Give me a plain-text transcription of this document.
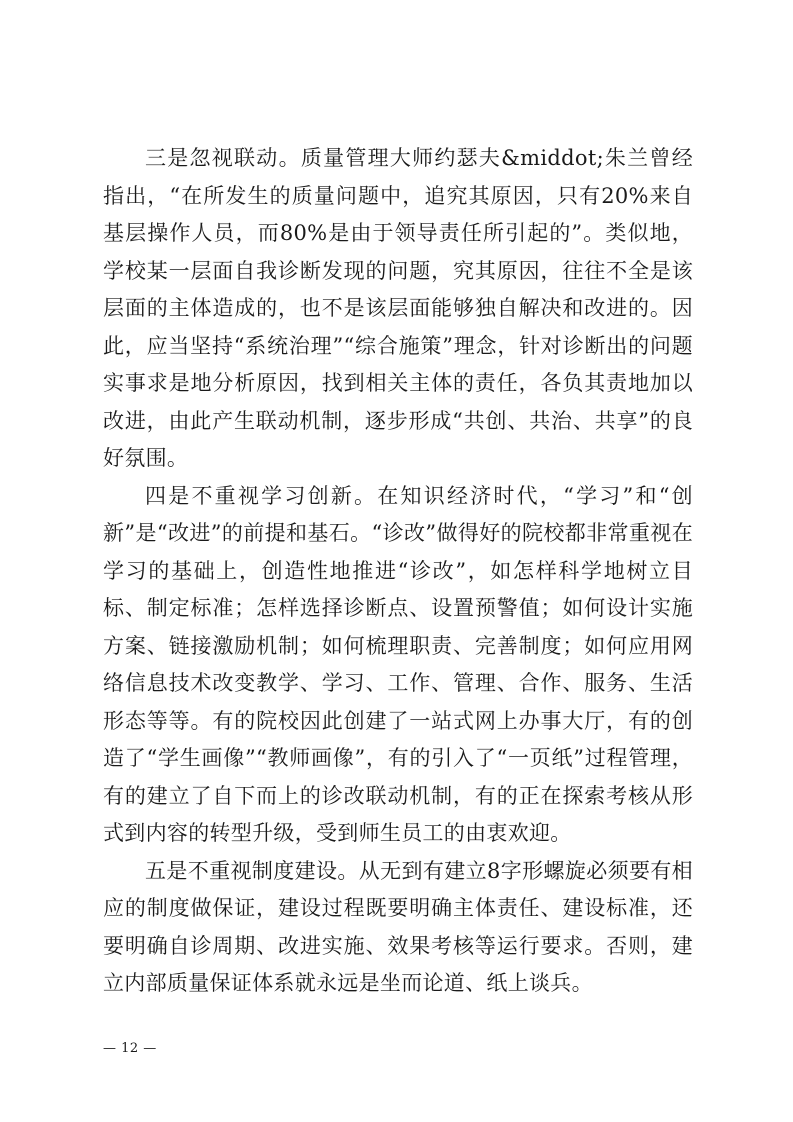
三是忽视联动。质量管理大师约瑟夫&middot;朱兰曾经指出，“在所发生的质量问题中，追究其原因，只有20%来自基层操作人员，而80%是由于领导责任所引起的”。类似地，学校某一层面自我诊断发现的问题，究其原因，往往不全是该层面的主体造成的，也不是该层面能够独自解决和改进的。因此，应当坚持“系统治理”“综合施策”理念，针对诊断出的问题实事求是地分析原因，找到相关主体的责任，各负其责地加以改进，由此产生联动机制，逐步形成“共创、共治、共享”的良好氛围。

四是不重视学习创新。在知识经济时代，“学习”和“创新”是“改进”的前提和基石。“诊改”做得好的院校都非常重视在学习的基础上，创造性地推进“诊改”，如怎样科学地树立目标、制定标准；怎样选择诊断点、设置预警值；如何设计实施方案、链接激励机制；如何梳理职责、完善制度；如何应用网络信息技术改变教学、学习、工作、管理、合作、服务、生活形态等等。有的院校因此创建了一站式网上办事大厅，有的创造了“学生画像”“教师画像”，有的引入了“一页纸”过程管理，有的建立了自下而上的诊改联动机制，有的正在探索考核从形式到内容的转型升级，受到师生员工的由衷欢迎。

五是不重视制度建设。从无到有建立8字形螺旋必须要有相应的制度做保证，建设过程既要明确主体责任、建设标准，还要明确自诊周期、改进实施、效果考核等运行要求。否则，建立内部质量保证体系就永远是坐而论道、纸上谈兵。

— 12 —
